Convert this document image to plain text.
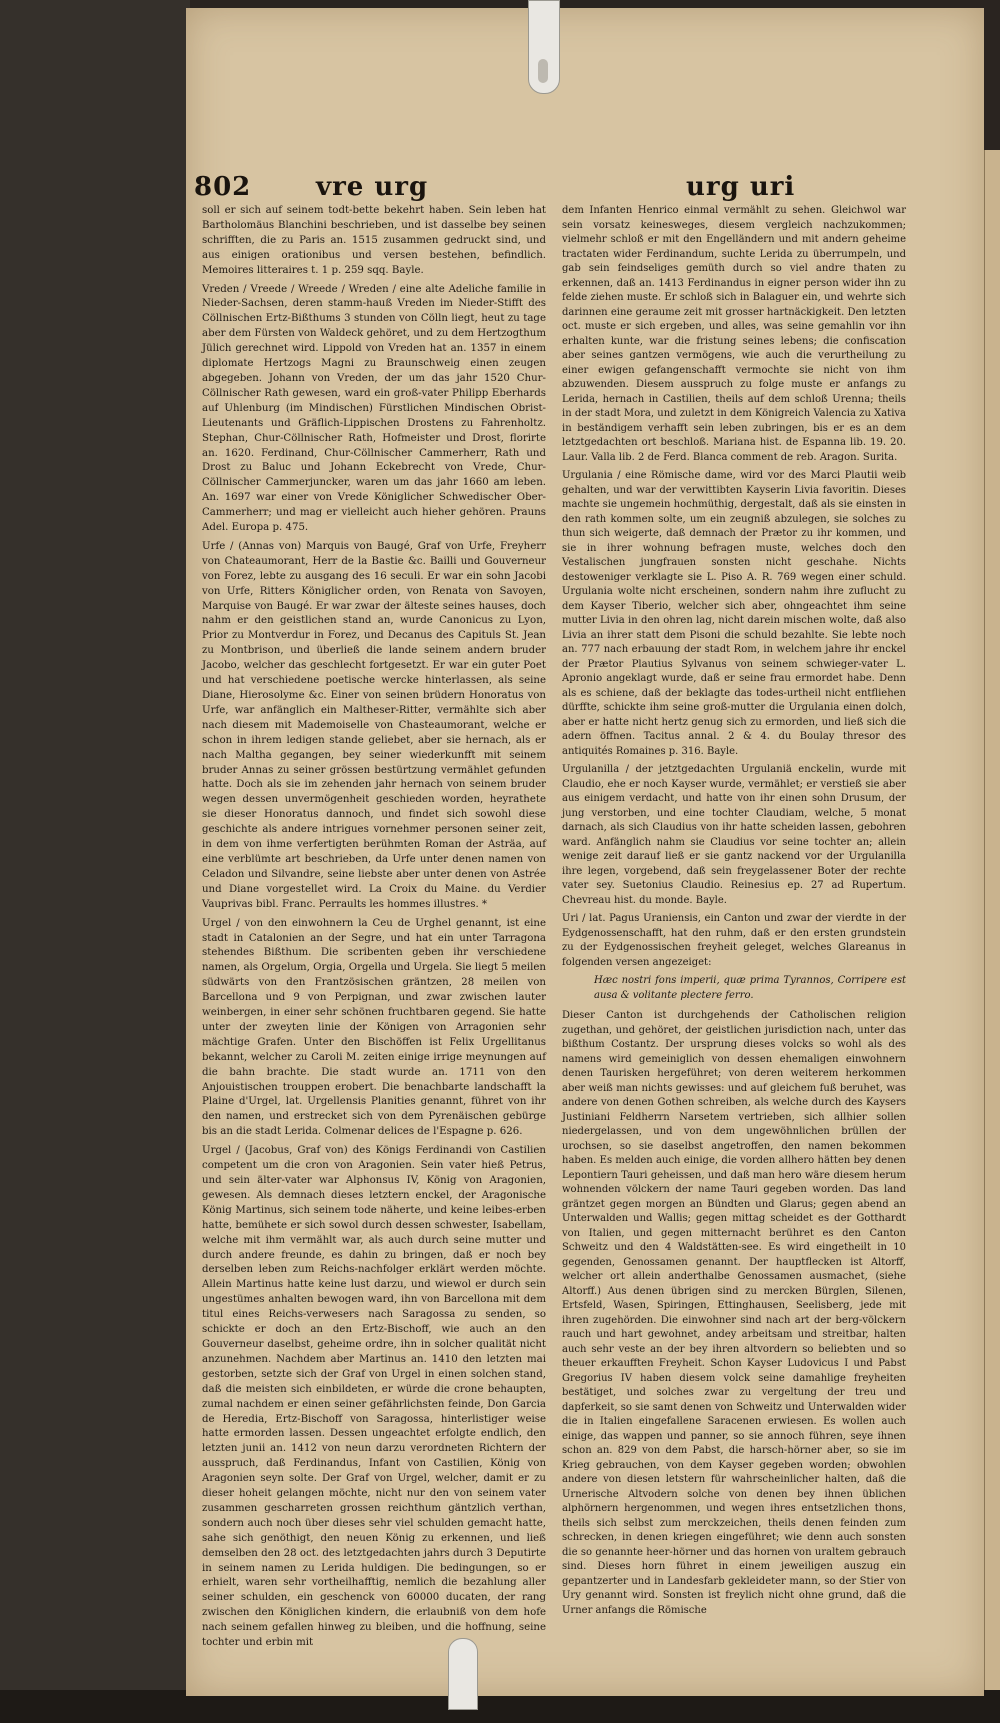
802 vre urg	urg uri

soll er sich auf seinem todt-bette bekehrt haben. Sein leben hat Bartholomäus Blanchini beschrieben, und ist dasselbe bey seinen schrifften, die zu Paris an. 1515 zusammen gedruckt sind, und aus einigen orationibus und versen bestehen, befindlich. Memoires litteraires t. 1 p. 259 sqq. Bayle.

Vreden / Vreede / Wreede / Wreden / eine alte Adeliche familie in Nieder-Sachsen, deren stamm-hauß Vreden im Nieder-Stifft des Cöllnischen Ertz-Bißthums 3 stunden von Cölln liegt, heut zu tage aber dem Fürsten von Waldeck gehöret, und zu dem Hertzogthum Jülich gerechnet wird. Lippold von Vreden hat an. 1357 in einem diplomate Hertzogs Magni zu Braunschweig einen zeugen abgegeben. Johann von Vreden, der um das jahr 1520 Chur-Cöllnischer Rath gewesen, ward ein groß-vater Philipp Eberhards auf Uhlenburg (im Mindischen) Fürstlichen Mindischen Obrist-Lieutenants und Gräflich-Lippischen Drostens zu Fahrenholtz. Stephan, Chur-Cöllnischer Rath, Hofmeister und Drost, florirte an. 1620. Ferdinand, Chur-Cöllnischer Cammerherr, Rath und Drost zu Baluc und Johann Eckebrecht von Vrede, Chur-Cöllnischer Cammerjuncker, waren um das jahr 1660 am leben. An. 1697 war einer von Vrede Königlicher Schwedischer Ober-Cammerherr; und mag er vielleicht auch hieher gehören. Prauns Adel. Europa p. 475.

Urfe / (Annas von) Marquis von Baugé, Graf von Urfe, Freyherr von Chateaumorant, Herr de la Bastie &c. Bailli und Gouverneur von Forez, lebte zu ausgang des 16 seculi. Er war ein sohn Jacobi von Urfe, Ritters Königlicher orden, von Renata von Savoyen, Marquise von Baugé. Er war zwar der älteste seines hauses, doch nahm er den geistlichen stand an, wurde Canonicus zu Lyon, Prior zu Montverdur in Forez, und Decanus des Capituls St. Jean zu Montbrison, und überließ die lande seinem andern bruder Jacobo, welcher das geschlecht fortgesetzt. Er war ein guter Poet und hat verschiedene poetische wercke hinterlassen, als seine Diane, Hierosolyme &c. Einer von seinen brüdern Honoratus von Urfe, war anfänglich ein Maltheser-Ritter, vermählte sich aber nach diesem mit Mademoiselle von Chasteaumorant, welche er schon in ihrem ledigen stande geliebet, aber sie hernach, als er nach Maltha gegangen, bey seiner wiederkunfft mit seinem bruder Annas zu seiner grössen bestürtzung vermählet gefunden hatte. Doch als sie im zehenden jahr hernach von seinem bruder wegen dessen unvermögenheit geschieden worden, heyrathete sie dieser Honoratus dannoch, und findet sich sowohl diese geschichte als andere intrigues vornehmer personen seiner zeit, in dem von ihme verfertigten berühmten Roman der Asträa, auf eine verblümte art beschrieben, da Urfe unter denen namen von Celadon und Silvandre, seine liebste aber unter denen von Astrée und Diane vorgestellet wird. La Croix du Maine. du Verdier Vauprivas bibl. Franc. Perraults les hommes illustres. *

Urgel / von den einwohnern la Ceu de Urghel genannt, ist eine stadt in Catalonien an der Segre, und hat ein unter Tarragona stehendes Bißthum. Die scribenten geben ihr verschiedene namen, als Orgelum, Orgia, Orgella und Urgela. Sie liegt 5 meilen südwärts von den Frantzösischen gräntzen, 28 meilen von Barcellona und 9 von Perpignan, und zwar zwischen lauter weinbergen, in einer sehr schönen fruchtbaren gegend. Sie hatte unter der zweyten linie der Königen von Arragonien sehr mächtige Grafen. Unter den Bischöffen ist Felix Urgellitanus bekannt, welcher zu Caroli M. zeiten einige irrige meynungen auf die bahn brachte. Die stadt wurde an. 1711 von den Anjouistischen trouppen erobert. Die benachbarte landschafft la Plaine d'Urgel, lat. Urgellensis Planities genannt, führet von ihr den namen, und erstrecket sich von dem Pyrenäischen gebürge bis an die stadt Lerida. Colmenar delices de l'Espagne p. 626.

Urgel / (Jacobus, Graf von) des Königs Ferdinandi von Castilien competent um die cron von Aragonien. Sein vater hieß Petrus, und sein älter-vater war Alphonsus IV, König von Aragonien, gewesen. Als demnach dieses letztern enckel, der Aragonische König Martinus, sich seinem tode näherte, und keine leibes-erben hatte, bemühete er sich sowol durch dessen schwester, Isabellam, welche mit ihm vermählt war, als auch durch seine mutter und durch andere freunde, es dahin zu bringen, daß er noch bey derselben leben zum Reichs-nachfolger erklärt werden möchte. Allein Martinus hatte keine lust darzu, und wiewol er durch sein ungestümes anhalten bewogen ward, ihn von Barcellona mit dem titul eines Reichs-verwesers nach Saragossa zu senden, so schickte er doch an den Ertz-Bischoff, wie auch an den Gouverneur daselbst, geheime ordre, ihn in solcher qualität nicht anzunehmen. Nachdem aber Martinus an. 1410 den letzten mai gestorben, setzte sich der Graf von Urgel in einen solchen stand, daß die meisten sich einbildeten, er würde die crone behaupten, zumal nachdem er einen seiner gefährlichsten feinde, Don Garcia de Heredia, Ertz-Bischoff von Saragossa, hinterlistiger weise hatte ermorden lassen. Dessen ungeachtet erfolgte endlich, den letzten junii an. 1412 von neun darzu verordneten Richtern der ausspruch, daß Ferdinandus, Infant von Castilien, König von Aragonien seyn solte. Der Graf von Urgel, welcher, damit er zu dieser hoheit gelangen möchte, nicht nur den von seinem vater zusammen gescharreten grossen reichthum gäntzlich verthan, sondern auch noch über dieses sehr viel schulden gemacht hatte, sahe sich genöthigt, den neuen König zu erkennen, und ließ demselben den 28 oct. des letztgedachten jahrs durch 3 Deputirte in seinem namen zu Lerida huldigen. Die bedingungen, so er erhielt, waren sehr vortheilhafftig, nemlich die bezahlung aller seiner schulden, ein geschenck von 60000 ducaten, der rang zwischen den Königlichen kindern, die erlaubniß von dem hofe nach seinem gefallen hinweg zu bleiben, und die hoffnung, seine tochter und erbin mit

dem Infanten Henrico einmal vermählt zu sehen. Gleichwol war sein vorsatz keinesweges, diesem vergleich nachzukommen; vielmehr schloß er mit den Engelländern und mit andern geheime tractaten wider Ferdinandum, suchte Lerida zu überrumpeln, und gab sein feindseliges gemüth durch so viel andre thaten zu erkennen, daß an. 1413 Ferdinandus in eigner person wider ihn zu felde ziehen muste. Er schloß sich in Balaguer ein, und wehrte sich darinnen eine geraume zeit mit grosser hartnäckigkeit. Den letzten oct. muste er sich ergeben, und alles, was seine gemahlin vor ihn erhalten kunte, war die fristung seines lebens; die confiscation aber seines gantzen vermögens, wie auch die verurtheilung zu einer ewigen gefangenschafft vermochte sie nicht von ihm abzuwenden. Diesem ausspruch zu folge muste er anfangs zu Lerida, hernach in Castilien, theils auf dem schloß Urenna; theils in der stadt Mora, und zuletzt in dem Königreich Valencia zu Xativa in beständigem verhafft sein leben zubringen, bis er es an dem letztgedachten ort beschloß. Mariana hist. de Espanna lib. 19. 20. Laur. Valla lib. 2 de Ferd. Blanca comment de reb. Aragon. Surita.

Urgulania / eine Römische dame, wird vor des Marci Plautii weib gehalten, und war der verwittibten Kayserin Livia favoritin. Dieses machte sie ungemein hochmüthig, dergestalt, daß als sie einsten in den rath kommen solte, um ein zeugniß abzulegen, sie solches zu thun sich weigerte, daß demnach der Prætor zu ihr kommen, und sie in ihrer wohnung befragen muste, welches doch den Vestalischen jungfrauen sonsten nicht geschahe. Nichts destoweniger verklagte sie L. Piso A. R. 769 wegen einer schuld. Urgulania wolte nicht erscheinen, sondern nahm ihre zuflucht zu dem Kayser Tiberio, welcher sich aber, ohngeachtet ihm seine mutter Livia in den ohren lag, nicht darein mischen wolte, daß also Livia an ihrer statt dem Pisoni die schuld bezahlte. Sie lebte noch an. 777 nach erbauung der stadt Rom, in welchem jahre ihr enckel der Prætor Plautius Sylvanus von seinem schwieger-vater L. Apronio angeklagt wurde, daß er seine frau ermordet habe. Denn als es schiene, daß der beklagte das todes-urtheil nicht entfliehen dürffte, schickte ihm seine groß-mutter die Urgulania einen dolch, aber er hatte nicht hertz genug sich zu ermorden, und ließ sich die adern öffnen. Tacitus annal. 2 & 4. du Boulay thresor des antiquités Romaines p. 316. Bayle.

Urgulanilla / der jetztgedachten Urgulaniä enckelin, wurde mit Claudio, ehe er noch Kayser wurde, vermählet; er verstieß sie aber aus einigem verdacht, und hatte von ihr einen sohn Drusum, der jung verstorben, und eine tochter Claudiam, welche, 5 monat darnach, als sich Claudius von ihr hatte scheiden lassen, gebohren ward. Anfänglich nahm sie Claudius vor seine tochter an; allein wenige zeit darauf ließ er sie gantz nackend vor der Urgulanilla ihre legen, vorgebend, daß sein freygelassener Boter der rechte vater sey. Suetonius Claudio. Reinesius ep. 27 ad Rupertum. Chevreau hist. du monde. Bayle.

Uri / lat. Pagus Uraniensis, ein Canton und zwar der vierdte in der Eydgenossenschafft, hat den ruhm, daß er den ersten grundstein zu der Eydgenossischen freyheit geleget, welches Glareanus in folgenden versen angezeiget:

Hæc nostri fons imperii, quæ prima Tyrannos, Corripere est ausa & volitante plectere ferro.

Dieser Canton ist durchgehends der Catholischen religion zugethan, und gehöret, der geistlichen jurisdiction nach, unter das bißthum Costantz. Der ursprung dieses volcks so wohl als des namens wird gemeiniglich von dessen ehemaligen einwohnern denen Taurisken hergeführet; von deren weiterem herkommen aber weiß man nichts gewisses: und auf gleichem fuß beruhet, was andere von denen Gothen schreiben, als welche durch des Kaysers Justiniani Feldherrn Narsetem vertrieben, sich allhier sollen niedergelassen, und von dem ungewöhnlichen brüllen der urochsen, so sie daselbst angetroffen, den namen bekommen haben. Es melden auch einige, die vorden allhero hätten bey denen Lepontiern Tauri geheissen, und daß man hero wäre diesem herum wohnenden völckern der name Tauri gegeben worden. Das land gräntzet gegen morgen an Bündten und Glarus; gegen abend an Unterwalden und Wallis; gegen mittag scheidet es der Gotthardt von Italien, und gegen mitternacht berühret es den Canton Schweitz und den 4 Waldstätten-see. Es wird eingetheilt in 10 gegenden, Genossamen genannt. Der hauptflecken ist Altorff, welcher ort allein anderthalbe Genossamen ausmachet, (siehe Altorff.) Aus denen übrigen sind zu mercken Bürglen, Silenen, Ertsfeld, Wasen, Spiringen, Ettinghausen, Seelisberg, jede mit ihren zugehörden. Die einwohner sind nach art der berg-völckern rauch und hart gewohnet, andey arbeitsam und streitbar, halten auch sehr veste an der bey ihren altvordern so beliebten und so theuer erkaufften Freyheit. Schon Kayser Ludovicus I und Pabst Gregorius IV haben diesem volck seine damahlige freyheiten bestätiget, und solches zwar zu vergeltung der treu und dapferkeit, so sie samt denen von Schweitz und Unterwalden wider die in Italien eingefallene Saracenen erwiesen. Es wollen auch einige, das wappen und panner, so sie annoch führen, seye ihnen schon an. 829 von dem Pabst, die harsch-hörner aber, so sie im Krieg gebrauchen, von dem Kayser gegeben worden; obwohlen andere von diesen letstern für wahrscheinlicher halten, daß die Urnerische Altvodern solche von denen bey ihnen üblichen alphörnern hergenommen, und wegen ihres entsetzlichen thons, theils sich selbst zum merckzeichen, theils denen feinden zum schrecken, in denen kriegen eingeführet; wie denn auch sonsten die so genannte heer-hörner und das hornen von uraltem gebrauch sind. Dieses horn führet in einem jeweiligen auszug ein gepantzerter und in Landesfarb gekleideter mann, so der Stier von Ury genannt wird. Sonsten ist freylich nicht ohne grund, daß die Urner anfangs die Römische
